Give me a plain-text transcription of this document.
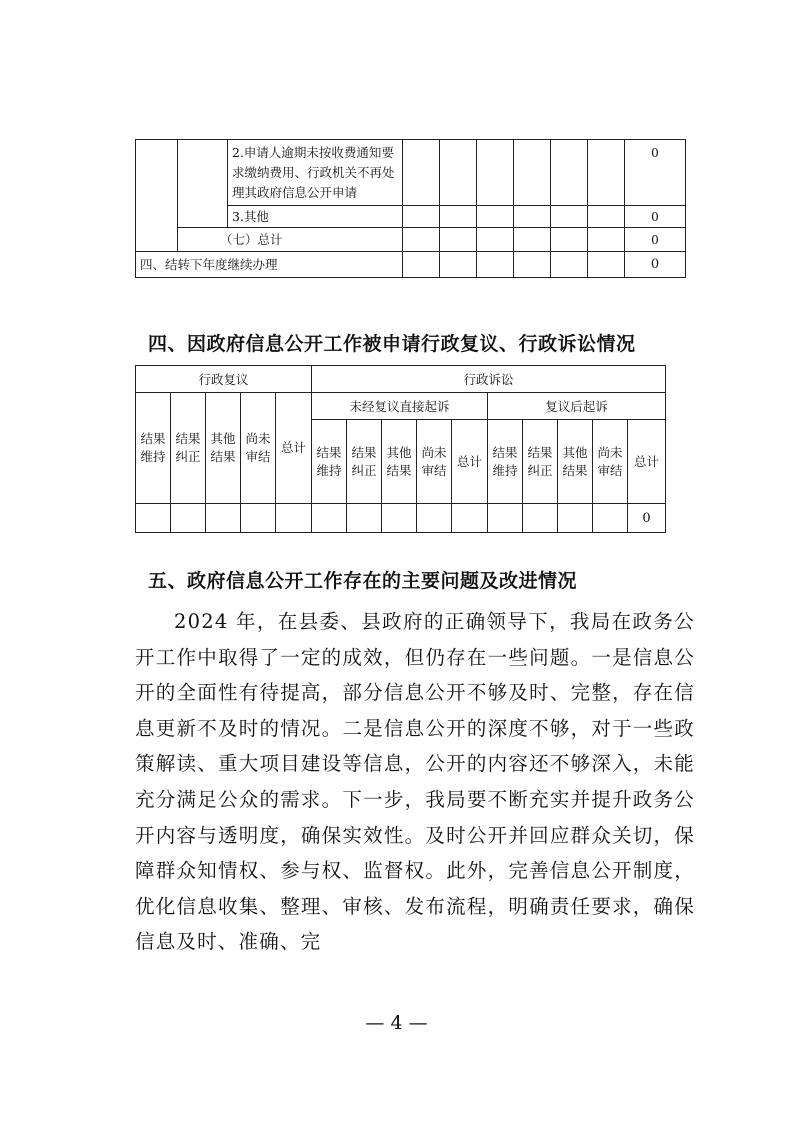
		2.申请人逾期未按收费通知要求缴纳费用、行政机关不再处理其政府信息公开申请							0
		3.其他							0
	（七）总计								0
四、结转下年度继续办理									0
四、因政府信息公开工作被申请行政复议、行政诉讼情况
行政复议					行政诉讼									
结果维持	结果纠正	其他结果	尚未审结	总计	未经复议直接起诉					复议后起诉				
					结果维持	结果纠正	其他结果	尚未审结	总计	结果维持	结果纠正	其他结果	尚未审结	总计
														0
五、政府信息公开工作存在的主要问题及改进情况

2024 年，在县委、县政府的正确领导下，我局在政务公开工作中取得了一定的成效，但仍存在一些问题。一是信息公开的全面性有待提高，部分信息公开不够及时、完整，存在信息更新不及时的情况。二是信息公开的深度不够，对于一些政策解读、重大项目建设等信息，公开的内容还不够深入，未能充分满足公众的需求。下一步，我局要不断充实并提升政务公开内容与透明度，确保实效性。及时公开并回应群众关切，保障群众知情权、参与权、监督权。此外，完善信息公开制度，优化信息收集、整理、审核、发布流程，明确责任要求，确保信息及时、准确、完

— 4 —
